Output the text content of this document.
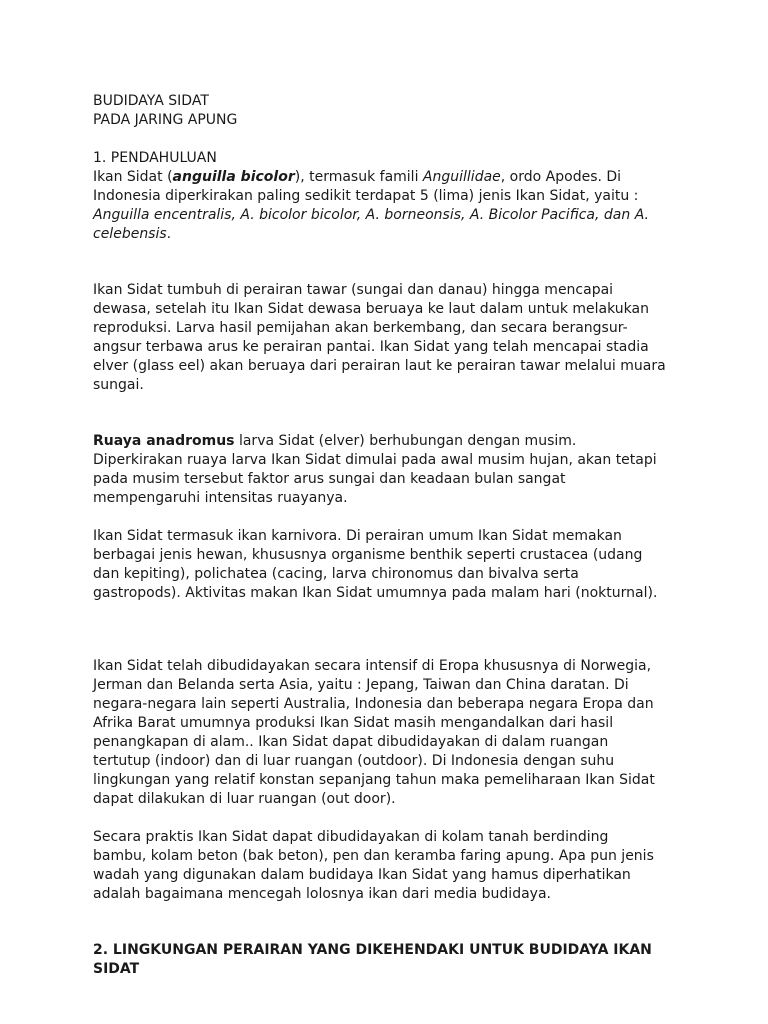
BUDIDAYA SIDAT
PADA JARING APUNG
1. PENDAHULUAN
Ikan Sidat (anguilla bicolor), termasuk famili Anguillidae, ordo Apodes. Di
Indonesia diperkirakan paling sedikit terdapat 5 (lima) jenis Ikan Sidat, yaitu :
Anguilla encentralis, A. bicolor bicolor, A. borneonsis, A. Bicolor Pacifica, dan A.
celebensis.
Ikan Sidat tumbuh di perairan tawar (sungai dan danau) hingga mencapai
dewasa, setelah itu Ikan Sidat dewasa beruaya ke laut dalam untuk melakukan
reproduksi. Larva hasil pemijahan akan berkembang, dan secara berangsur-
angsur terbawa arus ke perairan pantai. Ikan Sidat yang telah mencapai stadia
elver (glass eel) akan beruaya dari perairan laut ke perairan tawar melalui muara
sungai.
Ruaya anadromus larva Sidat (elver) berhubungan dengan musim.
Diperkirakan ruaya larva Ikan Sidat dimulai pada awal musim hujan, akan tetapi
pada musim tersebut faktor arus sungai dan keadaan bulan sangat
mempengaruhi intensitas ruayanya.
Ikan Sidat termasuk ikan karnivora. Di perairan umum Ikan Sidat memakan
berbagai jenis hewan, khususnya organisme benthik seperti crustacea (udang
dan kepiting), polichatea (cacing, larva chironomus dan bivalva serta
gastropods). Aktivitas makan Ikan Sidat umumnya pada malam hari (nokturnal).
Ikan Sidat telah dibudidayakan secara intensif di Eropa khususnya di Norwegia,
Jerman dan Belanda serta Asia, yaitu : Jepang, Taiwan dan China daratan. Di
negara-negara lain seperti Australia, Indonesia dan beberapa negara Eropa dan
Afrika Barat umumnya produksi Ikan Sidat masih mengandalkan dari hasil
penangkapan di alam.. Ikan Sidat dapat dibudidayakan di dalam ruangan
tertutup (indoor) dan di luar ruangan (outdoor). Di Indonesia dengan suhu
lingkungan yang relatif konstan sepanjang tahun maka pemeliharaan Ikan Sidat
dapat dilakukan di luar ruangan (out door).
Secara praktis Ikan Sidat dapat dibudidayakan di kolam tanah berdinding
bambu, kolam beton (bak beton), pen dan keramba faring apung. Apa pun jenis
wadah yang digunakan dalam budidaya Ikan Sidat yang hamus diperhatikan
adalah bagaimana mencegah lolosnya ikan dari media budidaya.
2. LINGKUNGAN PERAIRAN YANG DIKEHENDAKI UNTUK BUDIDAYA IKAN
SIDAT
